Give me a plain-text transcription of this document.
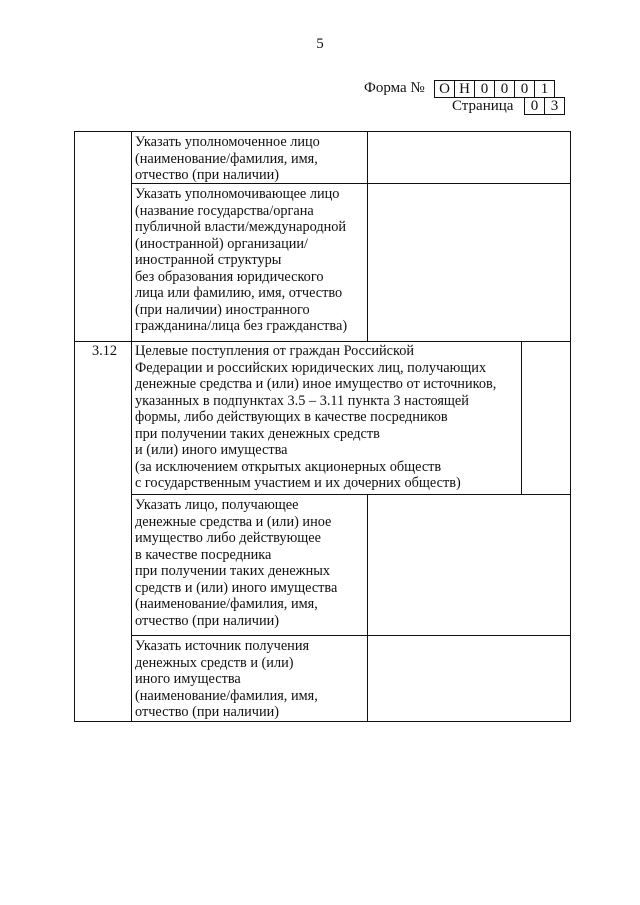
5
Форма № О Н 0 0 0 1
Страница	0 3
3.12
Указать уполномоченное лицо
(наименование/фамилия, имя,
отчество (при наличии)
Указать уполномочивающее лицо
(название государства/органа
публичной власти/международной
(иностранной) организации/
иностранной структуры
без образования юридического
лица или фамилию, имя, отчество
(при наличии) иностранного
гражданина/лица без гражданства)
Целевые поступления от граждан Российской
Федерации и российских юридических лиц, получающих
денежные средства и (или) иное имущество от источников,
указанных в подпунктах 3.5 – 3.11 пункта 3 настоящей
формы, либо действующих в качестве посредников
при получении таких денежных средств
и (или) иного имущества
(за исключением открытых акционерных обществ
с государственным участием и их дочерних обществ)
Указать лицо, получающее
денежные средства и (или) иное
имущество либо действующее
в качестве посредника
при получении таких денежных
средств и (или) иного имущества
(наименование/фамилия, имя,
отчество (при наличии)
Указать источник получения
денежных средств и (или)
иного имущества
(наименование/фамилия, имя,
отчество (при наличии)
